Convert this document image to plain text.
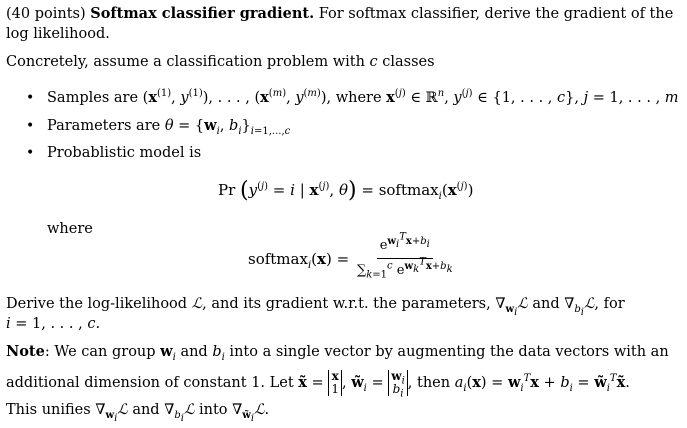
(40 points) Softmax classifier gradient. For softmax classifier, derive the gradient of the
log likelihood.
Concretely, assume a classification problem with c classes
• Samples are ($x^{(1)}$, $y^{(1)}$), . . . , ($x^{(m)}$, $y^{(m)}$), where $x^{(j)}$ ∈ ℝ$^n$, $y^{(j)}$ ∈ {1, . . . , c}, j = 1, . . . , m
• Parameters are $\theta = \{w_i$, $b_i\}_{i=1,...,c}$
• Probablistic model is
Pr ($y^{(j)} = i$ | $x^{(j)}$, $\theta) = softmax_i(x^{(j)})$
where
softmax$_i$(x) = $\frac{e^{w_i^Tx+b_i}}{\sum_{k=1}^c e^{w_k^Tx+b_k}}$
Derive the log-likelihood ℒ, and its gradient w.r.t. the parameters, $\nabla_{w_i}ℒ$ and $\nabla_{b_i}ℒ$, for
i = 1, . . . , c.
Note: We can group $w_i$ and $b_i$ into a single vector by augmenting the data vectors with an
additional dimension of constant 1. Let x̃ = x
1 , $w̃_i = w_i$
$b_i$, then $a_i(x) = w_i^Tx + b_i$ = $w̃_i^Tx̃$.
This unifies $\nabla_{w_i}ℒ$ and $\nabla_{b_i}ℒ$ into $\nabla_{w̃_i}ℒ$.
